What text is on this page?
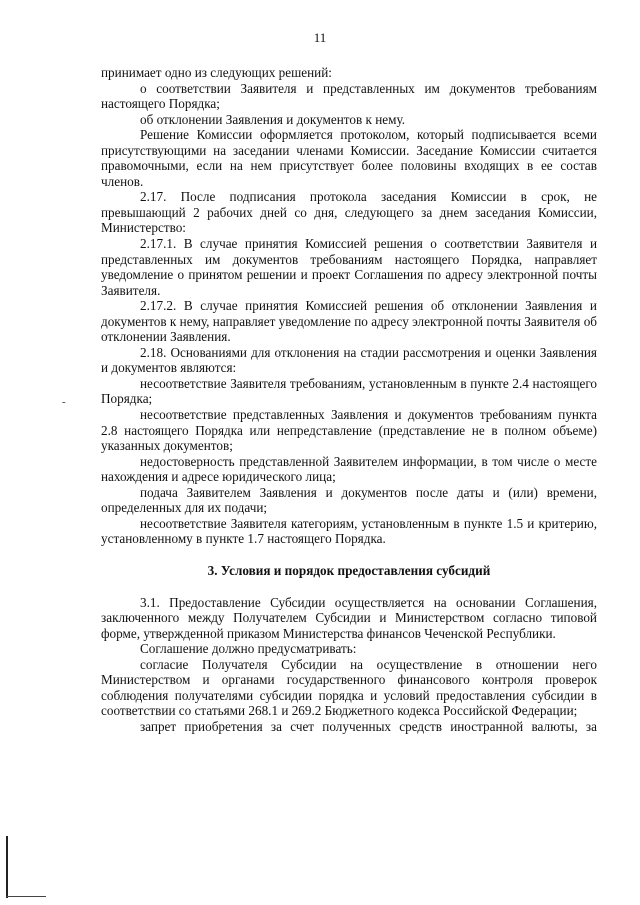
11
-

принимает одно из следующих решений:

о соответствии Заявителя и представленных им документов требованиям настоящего Порядка;

об отклонении Заявления и документов к нему.

Решение Комиссии оформляется протоколом, который подписывается всеми присутствующими на заседании членами Комиссии. Заседание Комиссии считается правомочными, если на нем присутствует более половины входящих в ее состав членов.

2.17. После подписания протокола заседания Комиссии в срок, не превышающий 2 рабочих дней со дня, следующего за днем заседания Комиссии, Министерство:

2.17.1. В случае принятия Комиссией решения о соответствии Заявителя и представленных им документов требованиям настоящего Порядка, направляет уведомление о принятом решении и проект Соглашения по адресу электронной почты Заявителя.

2.17.2. В случае принятия Комиссией решения об отклонении Заявления и документов к нему, направляет уведомление по адресу электронной почты Заявителя об отклонении Заявления.

2.18. Основаниями для отклонения на стадии рассмотрения и оценки Заявления и документов являются:

несоответствие Заявителя требованиям, установленным в пункте 2.4 настоящего Порядка;

несоответствие представленных Заявления и документов требованиям пункта 2.8 настоящего Порядка или непредставление (представление не в полном объеме) указанных документов;

недостоверность представленной Заявителем информации, в том числе о месте нахождения и адресе юридического лица;

подача Заявителем Заявления и документов после даты и (или) времени, определенных для их подачи;

несоответствие Заявителя категориям, установленным в пункте 1.5 и критерию, установленному в пункте 1.7 настоящего Порядка.

3. Условия и порядок предоставления субсидий

3.1. Предоставление Субсидии осуществляется на основании Соглашения, заключенного между Получателем Субсидии и Министерством согласно типовой форме, утвержденной приказом Министерства финансов Чеченской Республики.

Соглашение должно предусматривать:

согласие Получателя Субсидии на осуществление в отношении него Министерством и органами государственного финансового контроля проверок соблюдения получателями субсидии порядка и условий предоставления субсидии в соответствии со статьями 268.1 и 269.2 Бюджетного кодекса Российской Федерации;

запрет приобретения за счет полученных средств иностранной валюты, за
